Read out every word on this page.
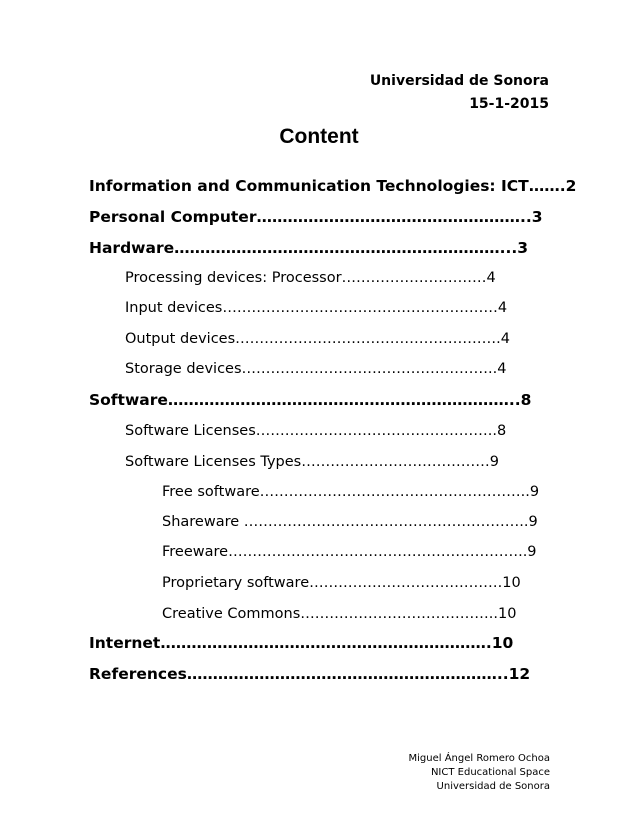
Universidad de Sonora
15-1-2015
Content
Information and Communication Technologies: ICT…….2
Personal Computer……………………………………………..3
Hardware………………………………………………………...3
Processing devices: Processor…………………………4
Input devices…………………………………………………4
Output devices……………………………………………….4
Storage devices……………………………………………..4
Software…………………………………………………………..8
Software Licenses…………………………………………..8
Software Licenses Types…………………………………9
Free software………………………………………………..9
Shareware …………………………………………………..9
Freeware……………………………………………………..9
Proprietary software………………………………….10
Creative Commons…………………………………..10
Internet……………………………………………………….10
References……………………………………………………..12
Miguel Ángel Romero Ochoa
NICT Educational Space
Universidad de Sonora
